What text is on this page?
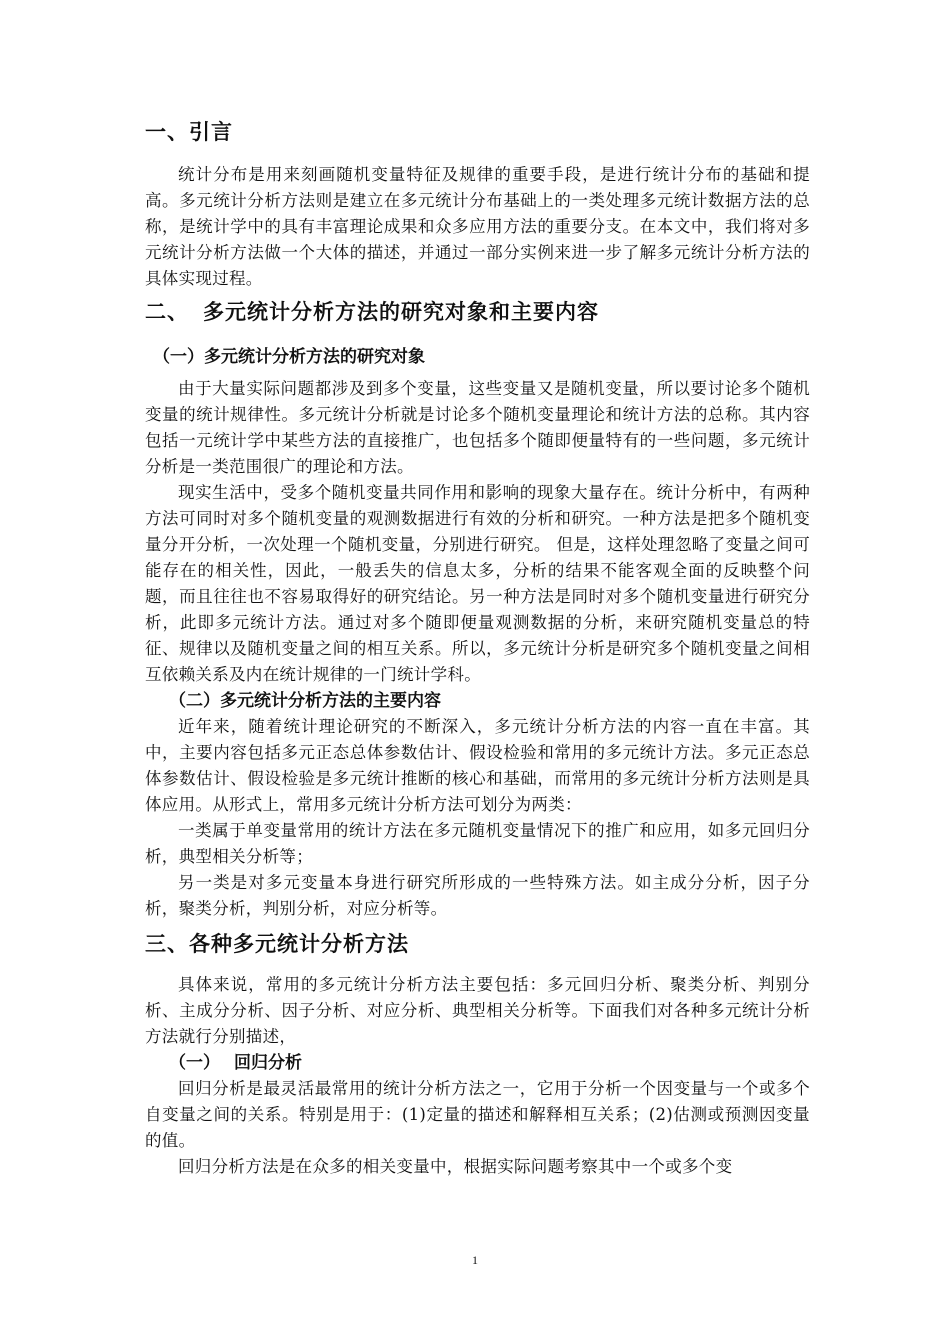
一、引言

统计分布是用来刻画随机变量特征及规律的重要手段，是进行统计分布的基础和提高。多元统计分析方法则是建立在多元统计分布基础上的一类处理多元统计数据方法的总称，是统计学中的具有丰富理论成果和众多应用方法的重要分支。在本文中，我们将对多元统计分析方法做一个大体的描述，并通过一部分实例来进一步了解多元统计分析方法的具体实现过程。

二、 多元统计分析方法的研究对象和主要内容
（一）多元统计分析方法的研究对象

由于大量实际问题都涉及到多个变量，这些变量又是随机变量，所以要讨论多个随机变量的统计规律性。多元统计分析就是讨论多个随机变量理论和统计方法的总称。其内容包括一元统计学中某些方法的直接推广，也包括多个随即便量特有的一些问题，多元统计分析是一类范围很广的理论和方法。

现实生活中，受多个随机变量共同作用和影响的现象大量存在。统计分析中，有两种方法可同时对多个随机变量的观测数据进行有效的分析和研究。一种方法是把多个随机变量分开分析，一次处理一个随机变量，分别进行研究。 但是，这样处理忽略了变量之间可能存在的相关性，因此，一般丢失的信息太多，分析的结果不能客观全面的反映整个问题，而且往往也不容易取得好的研究结论。另一种方法是同时对多个随机变量进行研究分析，此即多元统计方法。通过对多个随即便量观测数据的分析，来研究随机变量总的特征、规律以及随机变量之间的相互关系。所以，多元统计分析是研究多个随机变量之间相互依赖关系及内在统计规律的一门统计学科。

（二）多元统计分析方法的主要内容

近年来，随着统计理论研究的不断深入，多元统计分析方法的内容一直在丰富。其中，主要内容包括多元正态总体参数估计、假设检验和常用的多元统计方法。多元正态总体参数估计、假设检验是多元统计推断的核心和基础，而常用的多元统计分析方法则是具体应用。从形式上，常用多元统计分析方法可划分为两类：

一类属于单变量常用的统计方法在多元随机变量情况下的推广和应用，如多元回归分析，典型相关分析等；

另一类是对多元变量本身进行研究所形成的一些特殊方法。如主成分分析，因子分析，聚类分析，判别分析，对应分析等。

三、各种多元统计分析方法

具体来说，常用的多元统计分析方法主要包括：多元回归分析、聚类分析、判别分析、主成分分析、因子分析、对应分析、典型相关分析等。下面我们对各种多元统计分析方法就行分别描述，

（一） 回归分析

回归分析是最灵活最常用的统计分析方法之一，它用于分析一个因变量与一个或多个自变量之间的关系。特别是用于：(1)定量的描述和解释相互关系；(2)估测或预测因变量的值。

回归分析方法是在众多的相关变量中，根据实际问题考察其中一个或多个变

1
